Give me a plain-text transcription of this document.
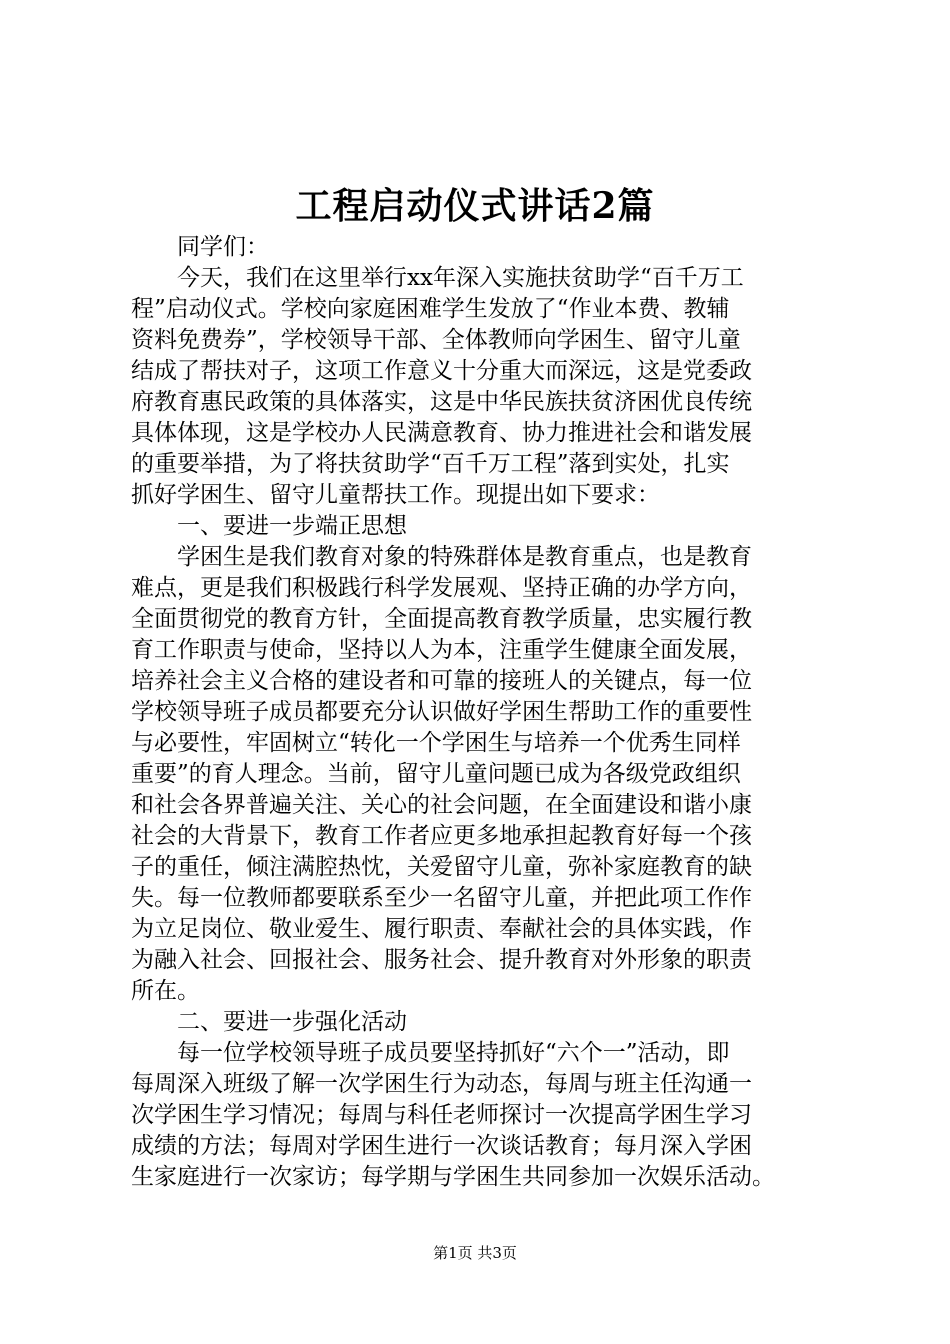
工程启动仪式讲话2篇
　　同学们：
　　今天，我们在这里举行xx年深入实施扶贫助学“百千万工
程”启动仪式。学校向家庭困难学生发放了“作业本费、教辅
资料免费券”，学校领导干部、全体教师向学困生、留守儿童
结成了帮扶对子，这项工作意义十分重大而深远，这是党委政
府教育惠民政策的具体落实，这是中华民族扶贫济困优良传统
具体体现，这是学校办人民满意教育、协力推进社会和谐发展
的重要举措，为了将扶贫助学“百千万工程”落到实处，扎实
抓好学困生、留守儿童帮扶工作。现提出如下要求：
　　一、要进一步端正思想
　　学困生是我们教育对象的特殊群体是教育重点，也是教育
难点，更是我们积极践行科学发展观、坚持正确的办学方向，
全面贯彻党的教育方针，全面提高教育教学质量，忠实履行教
育工作职责与使命，坚持以人为本，注重学生健康全面发展，
培养社会主义合格的建设者和可靠的接班人的关键点，每一位
学校领导班子成员都要充分认识做好学困生帮助工作的重要性
与必要性，牢固树立“转化一个学困生与培养一个优秀生同样
重要”的育人理念。当前，留守儿童问题已成为各级党政组织
和社会各界普遍关注、关心的社会问题，在全面建设和谐小康
社会的大背景下，教育工作者应更多地承担起教育好每一个孩
子的重任，倾注满腔热忱，关爱留守儿童，弥补家庭教育的缺
失。每一位教师都要联系至少一名留守儿童，并把此项工作作
为立足岗位、敬业爱生、履行职责、奉献社会的具体实践，作
为融入社会、回报社会、服务社会、提升教育对外形象的职责
所在。
　　二、要进一步强化活动
　　每一位学校领导班子成员要坚持抓好“六个一”活动，即
每周深入班级了解一次学困生行为动态，每周与班主任沟通一
次学困生学习情况；每周与科任老师探讨一次提高学困生学习
成绩的方法；每周对学困生进行一次谈话教育；每月深入学困
生家庭进行一次家访；每学期与学困生共同参加一次娱乐活动。
第1页 共3页
